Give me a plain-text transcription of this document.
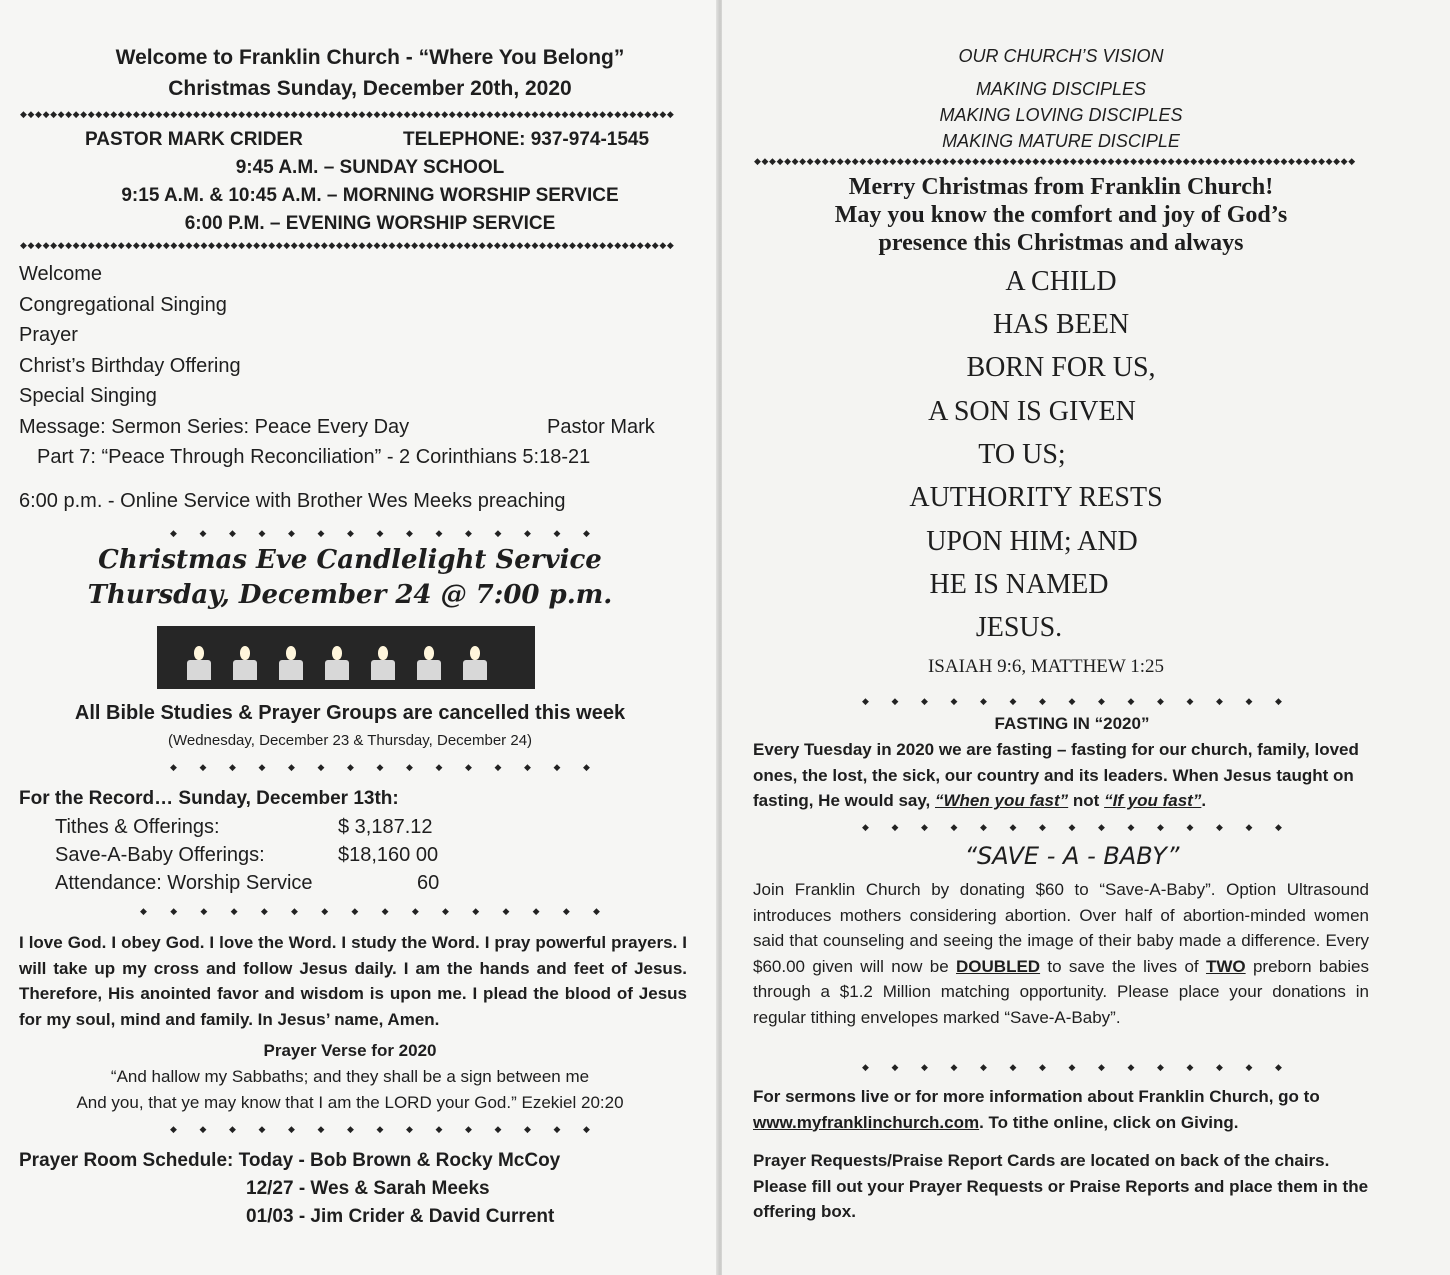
Welcome to Franklin Church - “Where You Belong”
Christmas Sunday, December 20th, 2020
◆◆◆◆◆◆◆◆◆◆◆◆◆◆◆◆◆◆◆◆◆◆◆◆◆◆◆◆◆◆◆◆◆◆◆◆◆◆◆◆◆◆◆◆◆◆◆◆◆◆◆◆◆◆◆◆◆◆◆◆◆◆◆◆◆◆◆◆◆◆◆◆◆◆◆◆◆◆◆◆◆◆◆◆◆◆◆
PASTOR MARK CRIDER	TELEPHONE: 937-974-1545
9:45 A.M. – SUNDAY SCHOOL
9:15 A.M. & 10:45 A.M. – MORNING WORSHIP SERVICE
6:00 P.M. – EVENING WORSHIP SERVICE
◆◆◆◆◆◆◆◆◆◆◆◆◆◆◆◆◆◆◆◆◆◆◆◆◆◆◆◆◆◆◆◆◆◆◆◆◆◆◆◆◆◆◆◆◆◆◆◆◆◆◆◆◆◆◆◆◆◆◆◆◆◆◆◆◆◆◆◆◆◆◆◆◆◆◆◆◆◆◆◆◆◆◆◆◆◆◆
Welcome
Congregational Singing
Prayer
Christ’s Birthday Offering
Special Singing
Message: Sermon Series: Peace Every Day	Pastor Mark
Part 7: “Peace Through Reconciliation” - 2 Corinthians 5:18-21
6:00 p.m. - Online Service with Brother Wes Meeks preaching
◆	◆	◆	◆	◆	◆	◆	◆	◆	◆	◆	◆	◆	◆	◆
Christmas Eve Candlelight Service
Thursday, December 24 @ 7:00 p.m.
All Bible Studies & Prayer Groups are cancelled this week
(Wednesday, December 23 & Thursday, December 24)
◆	◆	◆	◆	◆	◆	◆	◆	◆	◆	◆	◆	◆	◆	◆
For the Record… Sunday, December 13th:
Tithes & Offerings:	$ 3,187.12
Save-A-Baby Offerings:	$18,160 00
Attendance: Worship Service	60
◆	◆	◆	◆	◆	◆	◆	◆	◆	◆	◆	◆	◆	◆	◆	◆
I love God. I obey God. I love the Word. I study the Word. I pray powerful prayers. I will take up my cross and follow Jesus daily. I am the hands and feet of Jesus. Therefore, His anointed favor and wisdom is upon me. I plead the blood of Jesus for my soul, mind and family. In Jesus’ name, Amen.
Prayer Verse for 2020
“And hallow my Sabbaths; and they shall be a sign between me
And you, that ye may know that I am the LORD your God.” Ezekiel 20:20
◆	◆	◆	◆	◆	◆	◆	◆	◆	◆	◆	◆	◆	◆	◆
Prayer Room Schedule: Today - Bob Brown & Rocky McCoy
12/27 - Wes & Sarah Meeks
01/03 - Jim Crider & David Current
OUR CHURCH’S VISION
MAKING DISCIPLES
MAKING LOVING DISCIPLES
MAKING MATURE DISCIPLE
◆◆◆◆◆◆◆◆◆◆◆◆◆◆◆◆◆◆◆◆◆◆◆◆◆◆◆◆◆◆◆◆◆◆◆◆◆◆◆◆◆◆◆◆◆◆◆◆◆◆◆◆◆◆◆◆◆◆◆◆◆◆◆◆◆◆◆◆◆◆◆◆◆◆◆◆◆◆◆◆
Merry Christmas from Franklin Church!
May you know the comfort and joy of God’s
presence this Christmas and always
A CHILD
HAS BEEN
BORN FOR US,
A SON IS GIVEN
TO US;
AUTHORITY RESTS
UPON HIM; AND
HE IS NAMED
JESUS.
ISAIAH 9:6, MATTHEW 1:25
◆	◆	◆	◆	◆	◆	◆	◆	◆	◆	◆	◆	◆	◆	◆
FASTING IN “2020”
Every Tuesday in 2020 we are fasting – fasting for our church, family, loved ones, the lost, the sick, our country and its leaders. When Jesus taught on fasting, He would say, “When you fast” not “If you fast”.
◆	◆	◆	◆	◆	◆	◆	◆	◆	◆	◆	◆	◆	◆	◆
“SAVE - A - BABY”
Join Franklin Church by donating $60 to “Save-A-Baby”. Option Ultrasound introduces mothers considering abortion. Over half of abortion-minded women said that counseling and seeing the image of their baby made a difference. Every $60.00 given will now be DOUBLED to save the lives of TWO preborn babies through a $1.2 Million matching opportunity. Please place your donations in regular tithing envelopes marked “Save-A-Baby”.
◆	◆	◆	◆	◆	◆	◆	◆	◆	◆	◆	◆	◆	◆	◆
For sermons live or for more information about Franklin Church, go to www.myfranklinchurch.com. To tithe online, click on Giving.
Prayer Requests/Praise Report Cards are located on back of the chairs. Please fill out your Prayer Requests or Praise Reports and place them in the offering box.
